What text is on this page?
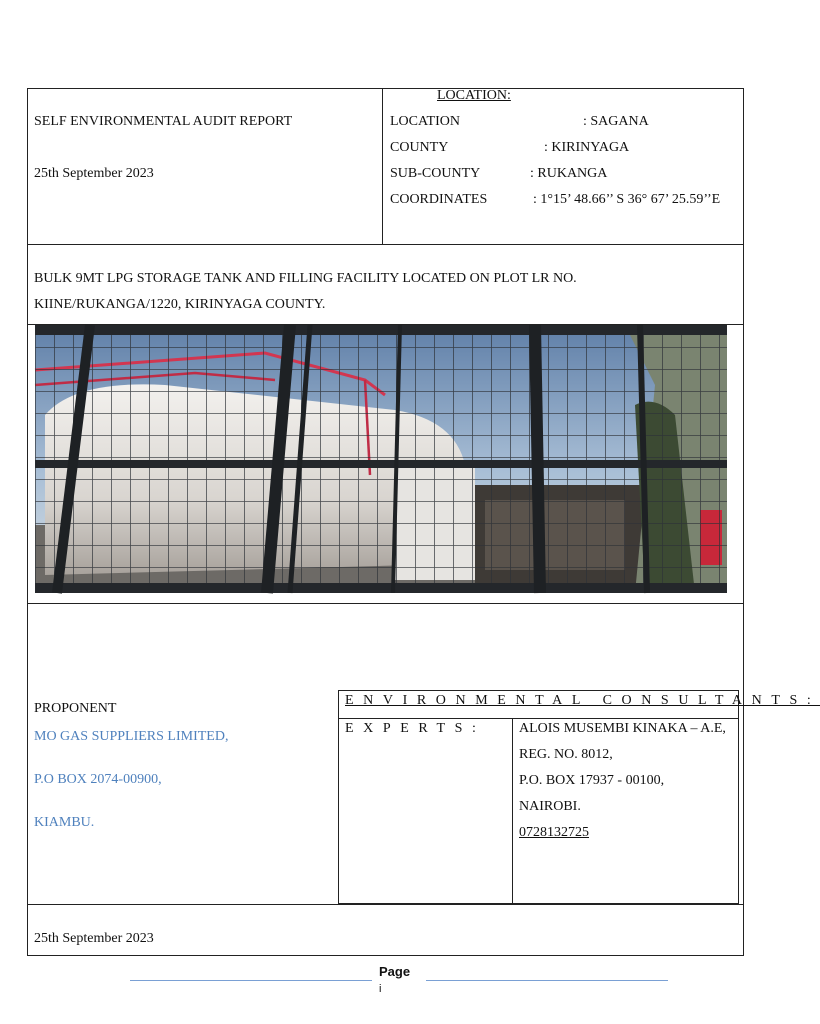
SELF ENVIRONMENTAL AUDIT REPORT
25th September 2023
LOCATION:
LOCATION	: SAGANA
COUNTY	: KIRINYAGA
SUB-COUNTY	: RUKANGA
COORDINATES	: 1°15’ 48.66’’ S 36° 67’ 25.59’’E
BULK 9MT LPG STORAGE TANK AND FILLING FACILITY LOCATED ON PLOT LR NO.
KIINE/RUKANGA/1220, KIRINYAGA COUNTY.
PROPONENT
MO GAS SUPPLIERS LIMITED,
P.O BOX 2074-00900,
KIAMBU.
ENVIRONMENTAL CONSULTANTS:
EXPERTS: ALOIS MUSEMBI KINAKA – A.E,
REG. NO. 8012,
P.O. BOX 17937 - 00100,
NAIROBI.
0728132725
25th September 2023
Page
i
